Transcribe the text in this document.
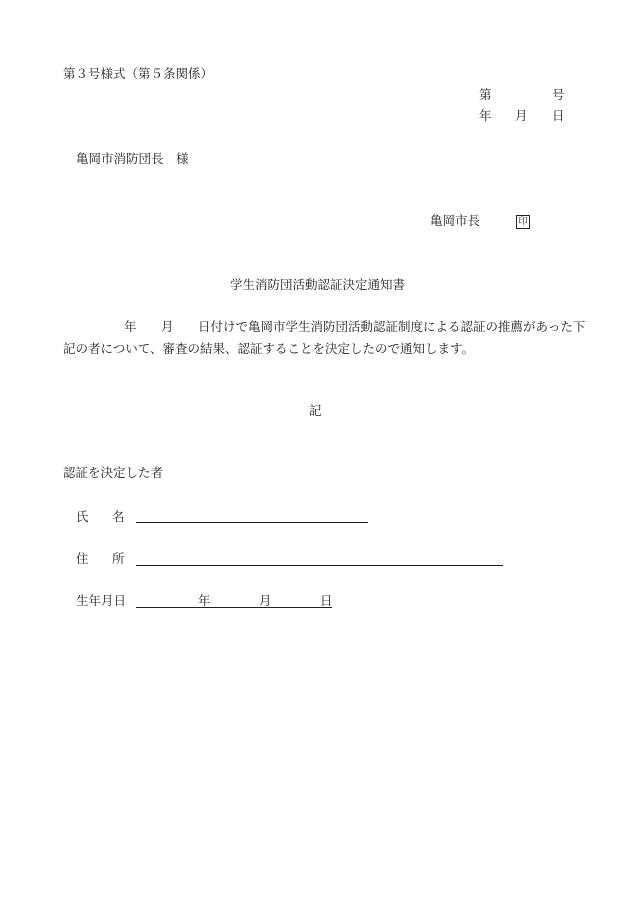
第３号様式（第５条関係）
第	号
年 月 日
亀岡市消防団長　様
亀岡市長	印
学生消防団活動認証決定通知書
年 月 日付けで亀岡市学生消防団活動認証制度による認証の推薦があった下
記の者について、審査の結果、認証することを決定したので通知します。
記
認証を決定した者
氏 名
住 所
生年月日	年	月	日
